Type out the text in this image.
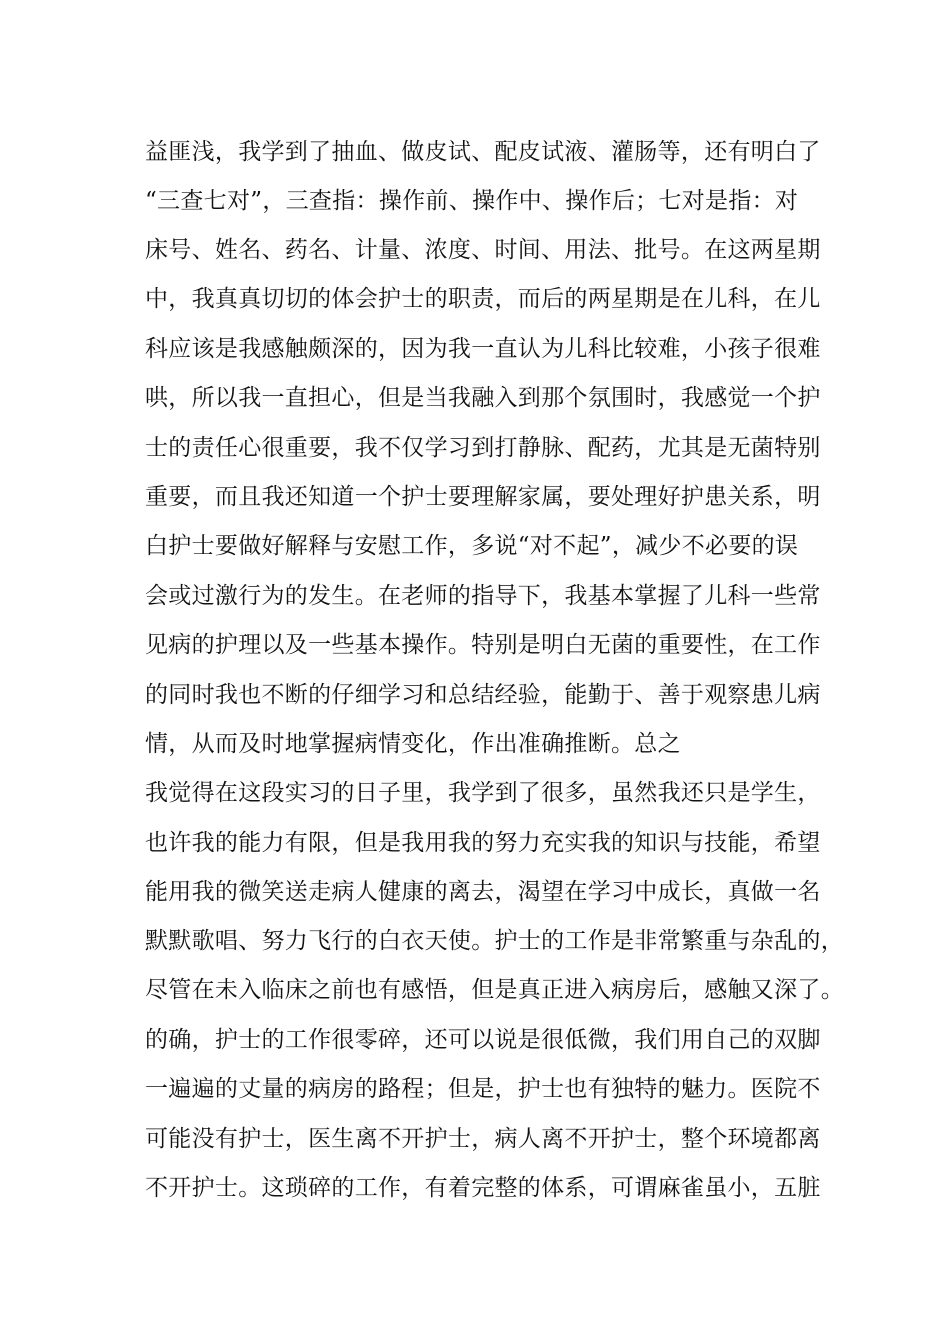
益匪浅，我学到了抽血、做皮试、配皮试液、灌肠等，还有明白了
“三查七对”，三查指：操作前、操作中、操作后；七对是指：对
床号、姓名、药名、计量、浓度、时间、用法、批号。在这两星期
中，我真真切切的体会护士的职责，而后的两星期是在儿科，在儿
科应该是我感触颇深的，因为我一直认为儿科比较难，小孩子很难
哄，所以我一直担心，但是当我融入到那个氛围时，我感觉一个护
士的责任心很重要，我不仅学习到打静脉、配药，尤其是无菌特别
重要，而且我还知道一个护士要理解家属，要处理好护患关系，明
白护士要做好解释与安慰工作，多说“对不起”，减少不必要的误
会或过激行为的发生。在老师的指导下，我基本掌握了儿科一些常
见病的护理以及一些基本操作。特别是明白无菌的重要性，在工作
的同时我也不断的仔细学习和总结经验，能勤于、善于观察患儿病
情，从而及时地掌握病情变化，作出准确推断。总之
我觉得在这段实习的日子里，我学到了很多，虽然我还只是学生，
也许我的能力有限，但是我用我的努力充实我的知识与技能，希望
能用我的微笑送走病人健康的离去，渴望在学习中成长，真做一名
默默歌唱、努力飞行的白衣天使。护士的工作是非常繁重与杂乱的，
尽管在未入临床之前也有感悟，但是真正进入病房后，感触又深了。
的确，护士的工作很零碎，还可以说是很低微，我们用自己的双脚
一遍遍的丈量的病房的路程；但是，护士也有独特的魅力。医院不
可能没有护士，医生离不开护士，病人离不开护士，整个环境都离
不开护士。这琐碎的工作，有着完整的体系，可谓麻雀虽小，五脏
